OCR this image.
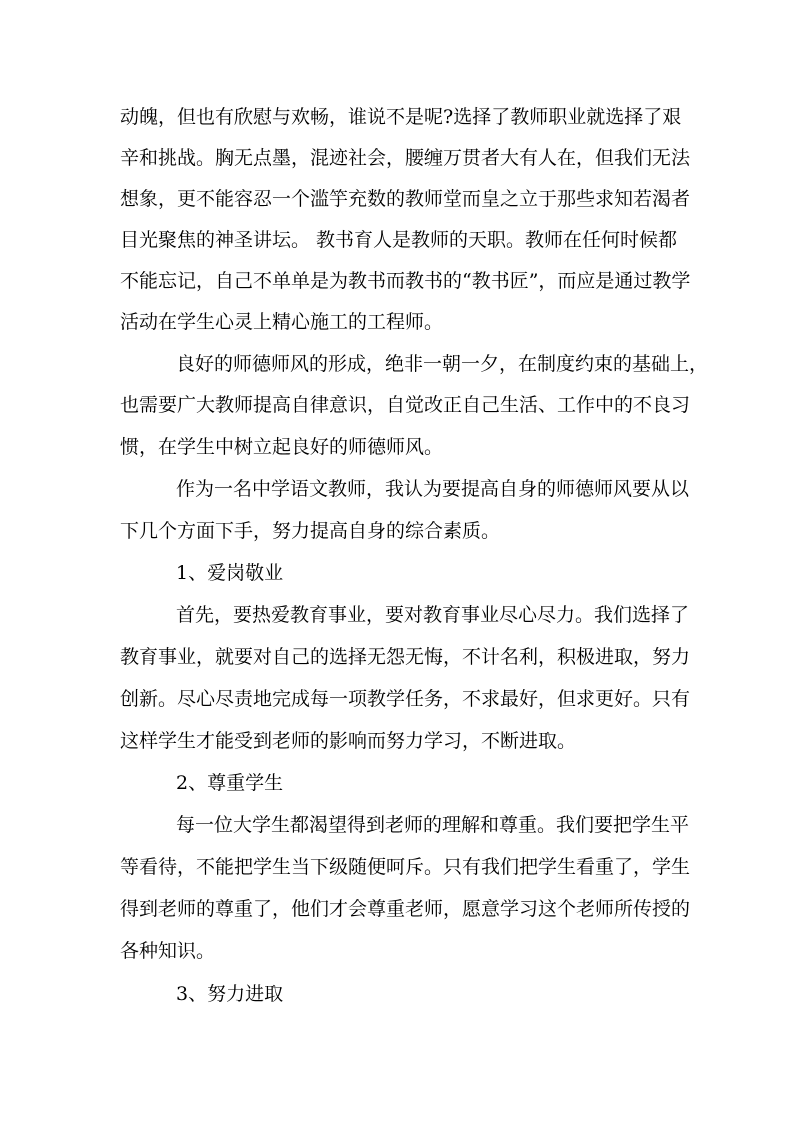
动魄，但也有欣慰与欢畅，谁说不是呢?选择了教师职业就选择了艰
辛和挑战。胸无点墨，混迹社会，腰缠万贯者大有人在，但我们无法
想象，更不能容忍一个滥竽充数的教师堂而皇之立于那些求知若渴者
目光聚焦的神圣讲坛。 教书育人是教师的天职。教师在任何时候都
不能忘记，自己不单单是为教书而教书的“教书匠”，而应是通过教学
活动在学生心灵上精心施工的工程师。
良好的师德师风的形成，绝非一朝一夕，在制度约束的基础上，
也需要广大教师提高自律意识，自觉改正自己生活、工作中的不良习
惯，在学生中树立起良好的师德师风。
作为一名中学语文教师，我认为要提高自身的师德师风要从以
下几个方面下手，努力提高自身的综合素质。
1、爱岗敬业
首先，要热爱教育事业，要对教育事业尽心尽力。我们选择了
教育事业，就要对自己的选择无怨无悔，不计名利，积极进取，努力
创新。尽心尽责地完成每一项教学任务，不求最好，但求更好。只有
这样学生才能受到老师的影响而努力学习，不断进取。
2、尊重学生
每一位大学生都渴望得到老师的理解和尊重。我们要把学生平
等看待，不能把学生当下级随便呵斥。只有我们把学生看重了，学生
得到老师的尊重了，他们才会尊重老师，愿意学习这个老师所传授的
各种知识。
3、努力进取
